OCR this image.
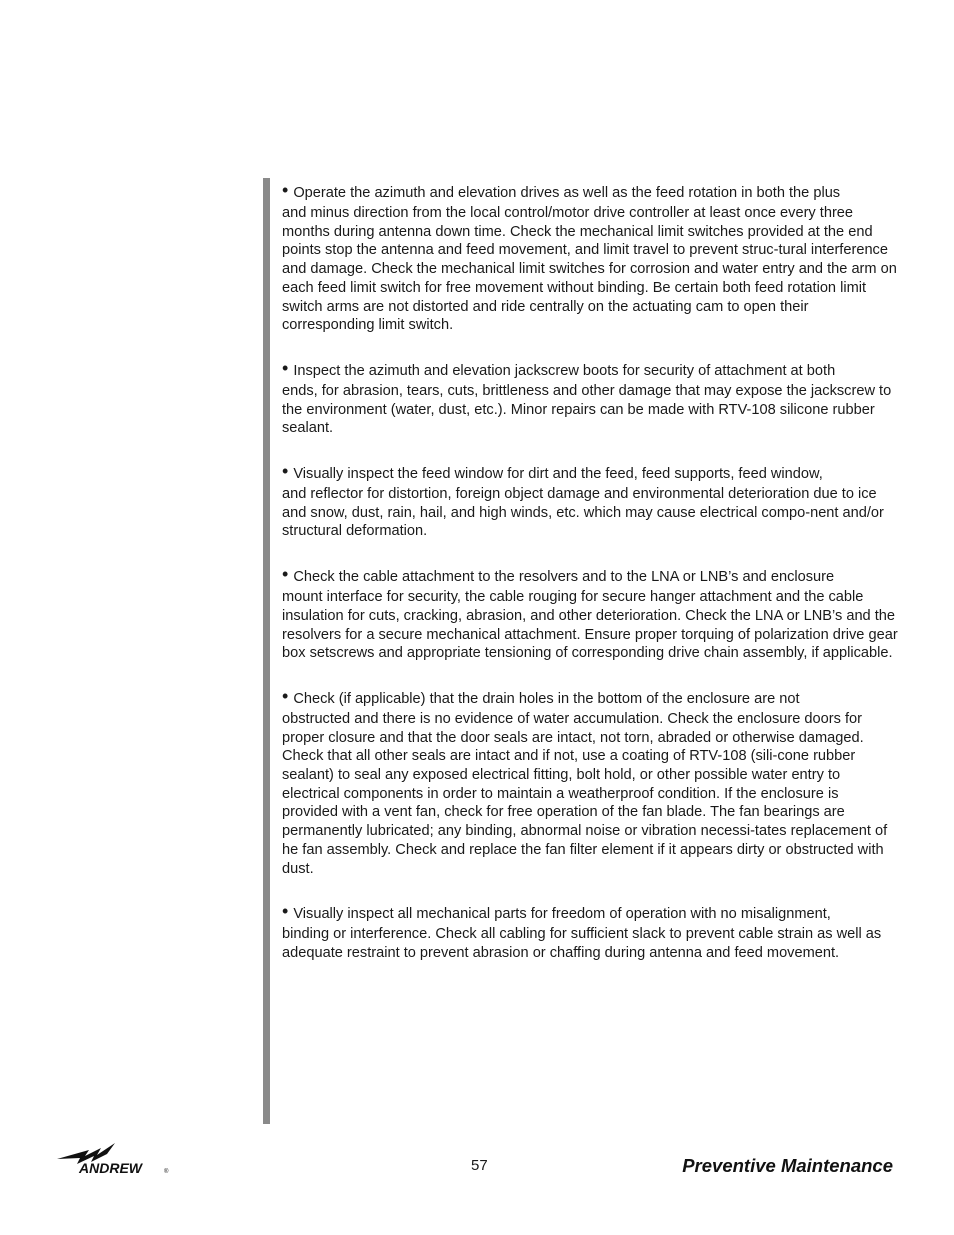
• Operate the azimuth and elevation drives as well as the feed rotation in both the plus
and minus direction from the local control/motor drive controller at least once every three months during antenna down time. Check the mechanical limit switches provided at the end points stop the antenna and feed movement, and limit travel to prevent struc-tural interference and damage. Check the mechanical limit switches for corrosion and water entry and the arm on each feed limit switch for free movement without binding. Be certain both feed rotation limit switch arms are not distorted and ride centrally on the actuating cam to open their corresponding limit switch.

• Inspect the azimuth and elevation jackscrew boots for security of attachment at both
ends, for abrasion, tears, cuts, brittleness and other damage that may expose the jackscrew to the environment (water, dust, etc.). Minor repairs can be made with RTV-108 silicone rubber sealant.

• Visually inspect the feed window for dirt and the feed, feed supports, feed window,
and reflector for distortion, foreign object damage and environmental deterioration due to ice and snow, dust, rain, hail, and high winds, etc. which may cause electrical compo-nent and/or structural deformation.

• Check the cable attachment to the resolvers and to the LNA or LNB’s and enclosure
mount interface for security, the cable rouging for secure hanger attachment and the cable insulation for cuts, cracking, abrasion, and other deterioration. Check the LNA or LNB’s and the resolvers for a secure mechanical attachment. Ensure proper torquing of polarization drive gear box setscrews and appropriate tensioning of corresponding drive chain assembly, if applicable.

• Check (if applicable) that the drain holes in the bottom of the enclosure are not
obstructed and there is no evidence of water accumulation. Check the enclosure doors for proper closure and that the door seals are intact, not torn, abraded or otherwise damaged. Check that all other seals are intact and if not, use a coating of RTV-108 (sili-cone rubber sealant) to seal any exposed electrical fitting, bolt hold, or other possible water entry to electrical components in order to maintain a weatherproof condition. If the enclosure is provided with a vent fan, check for free operation of the fan blade. The fan bearings are permanently lubricated; any binding, abnormal noise or vibration necessi-tates replacement of he fan assembly. Check and replace the fan filter element if it appears dirty or obstructed with dust.

• Visually inspect all mechanical parts for freedom of operation with no misalignment,
binding or interference. Check all cabling for sufficient slack to prevent cable strain as well as adequate restraint to prevent abrasion or chaffing during antenna and feed movement.

ANDREW	®	57	Preventive Maintenance
